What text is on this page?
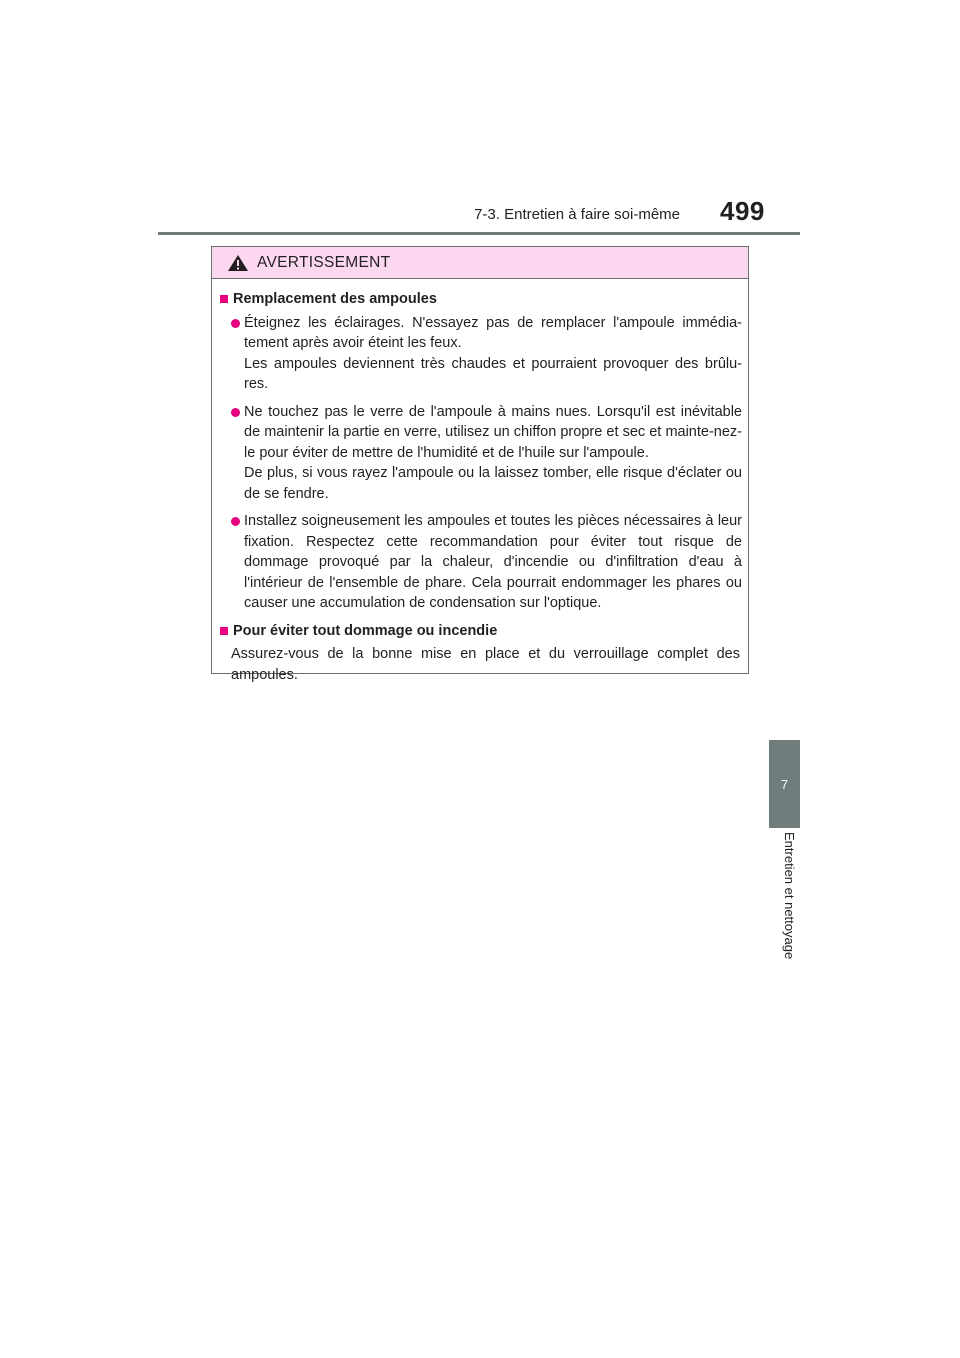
7-3. Entretien à faire soi-même 499
7
Entretien et nettoyage
AVERTISSEMENT
Remplacement des ampoules

Éteignez les éclairages. N'essayez pas de remplacer l'ampoule immédia-tement après avoir éteint les feux.

Les ampoules deviennent très chaudes et pourraient provoquer des brûlu-res.

Ne touchez pas le verre de l'ampoule à mains nues. Lorsqu'il est inévitable de maintenir la partie en verre, utilisez un chiffon propre et sec et mainte-nez-le pour éviter de mettre de l'humidité et de l'huile sur l'ampoule.

De plus, si vous rayez l'ampoule ou la laissez tomber, elle risque d'éclater ou de se fendre.

Installez soigneusement les ampoules et toutes les pièces nécessaires à leur fixation. Respectez cette recommandation pour éviter tout risque de dommage provoqué par la chaleur, d'incendie ou d'infiltration d'eau à l'intérieur de l'ensemble de phare. Cela pourrait endommager les phares ou causer une accumulation de condensation sur l'optique.

Pour éviter tout dommage ou incendie
Assurez-vous de la bonne mise en place et du verrouillage complet des ampoules.
